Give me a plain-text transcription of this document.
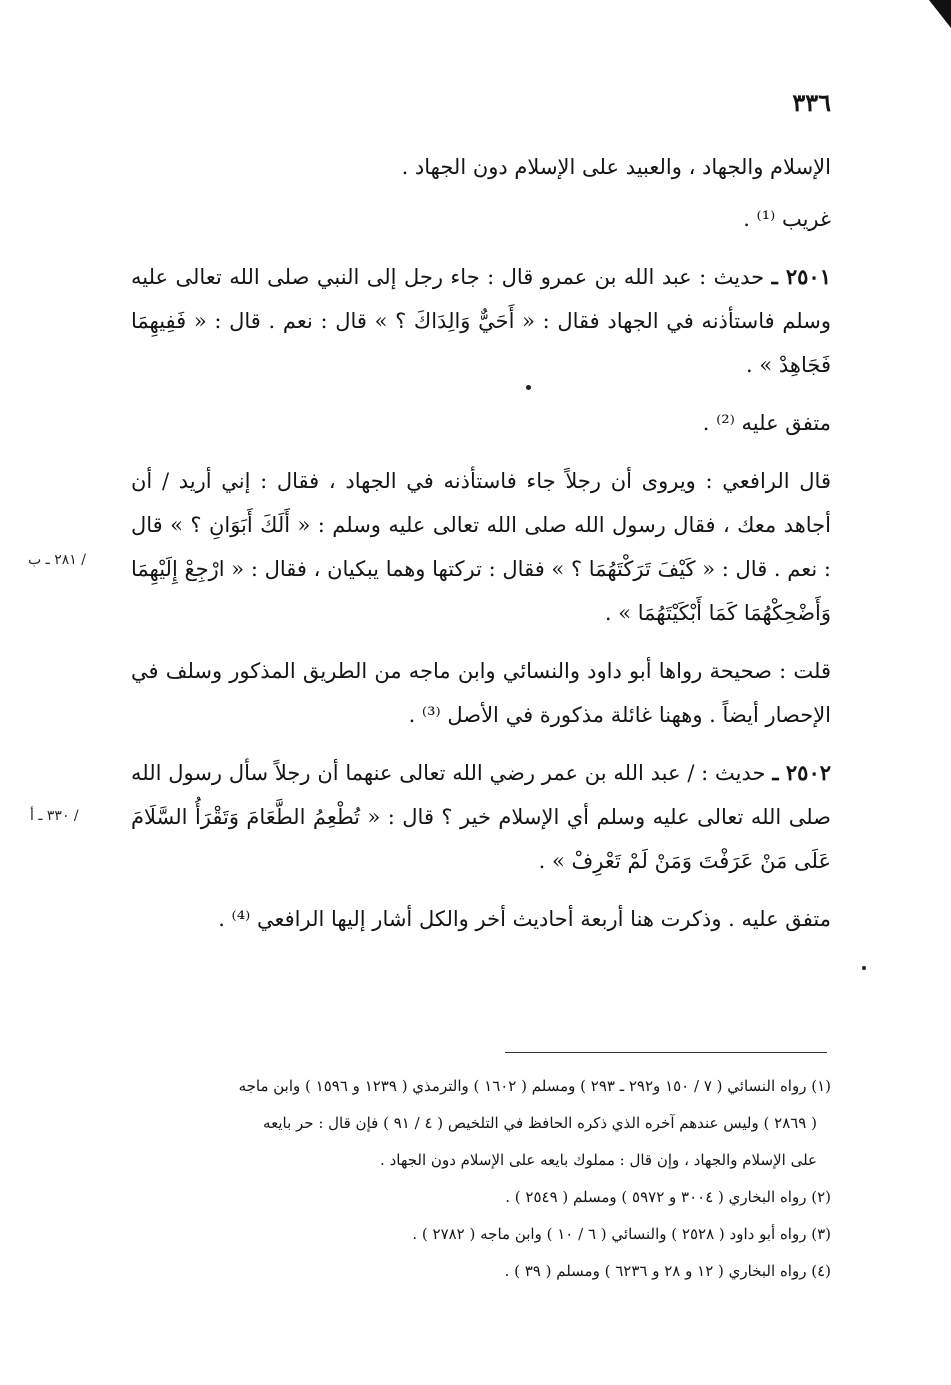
٣٣٦

الإسلام والجهاد ، والعبيد على الإسلام دون الجهاد .

غريب ⁽¹⁾ .

٢٥٠١ ـ حديث : عبد الله بن عمرو قال : جاء رجل إلى النبي صلى الله تعالى عليه وسلم فاستأذنه في الجهاد فقال : « أَحَيٌّ وَالِدَاكَ ؟ » قال : نعم . قال : « فَفِيهِمَا فَجَاهِدْ » .

متفق عليه ⁽²⁾ .

قال الرافعي : ويروى أن رجلاً جاء فاستأذنه في الجهاد ، فقال : إني أريد / أن أجاهد معك ، فقال رسول الله صلى الله تعالى عليه وسلم : « أَلَكَ أَبَوَانِ ؟ » قال : نعم . قال : « كَيْفَ تَرَكْتَهُمَا ؟ » فقال : تركتها وهما يبكيان ، فقال : « ارْجِعْ إِلَيْهِمَا وَأَضْحِكْهُمَا كَمَا أَبْكَيْتَهُمَا » .

قلت : صحيحة رواها أبو داود والنسائي وابن ماجه من الطريق المذكور وسلف في الإحصار أيضاً . وههنا غائلة مذكورة في الأصل ⁽³⁾ .

٢٥٠٢ ـ حديث : / عبد الله بن عمر رضي الله تعالى عنهما أن رجلاً سأل رسول الله صلى الله تعالى عليه وسلم أي الإسلام خير ؟ قال : « تُطْعِمُ الطَّعَامَ وَتَقْرَأُ السَّلَامَ عَلَى مَنْ عَرَفْتَ وَمَنْ لَمْ تَعْرِفْ » .

متفق عليه . وذكرت هنا أربعة أحاديث أخر والكل أشار إليها الرافعي ⁽⁴⁾ .

/ ٢٨١ ـ ب
/ ٣٣٠ ـ أ

(١) رواه النسائي ( ٧ / ١٥٠ و٢٩٢ ـ ٢٩٣ ) ومسلم ( ١٦٠٢ ) والترمذي ( ١٢٣٩ و ١٥٩٦ ) وابن ماجه

( ٢٨٦٩ ) وليس عندهم آخره الذي ذكره الحافظ في التلخيص ( ٤ / ٩١ ) فإن قال : حر بايعه

على الإسلام والجهاد ، وإن قال : مملوك بايعه على الإسلام دون الجهاد .

(٢) رواه البخاري ( ٣٠٠٤ و ٥٩٧٢ ) ومسلم ( ٢٥٤٩ ) .

(٣) رواه أبو داود ( ٢٥٢٨ ) والنسائي ( ٦ / ١٠ ) وابن ماجه ( ٢٧٨٢ ) .

(٤) رواه البخاري ( ١٢ و ٢٨ و ٦٢٣٦ ) ومسلم ( ٣٩ ) .
